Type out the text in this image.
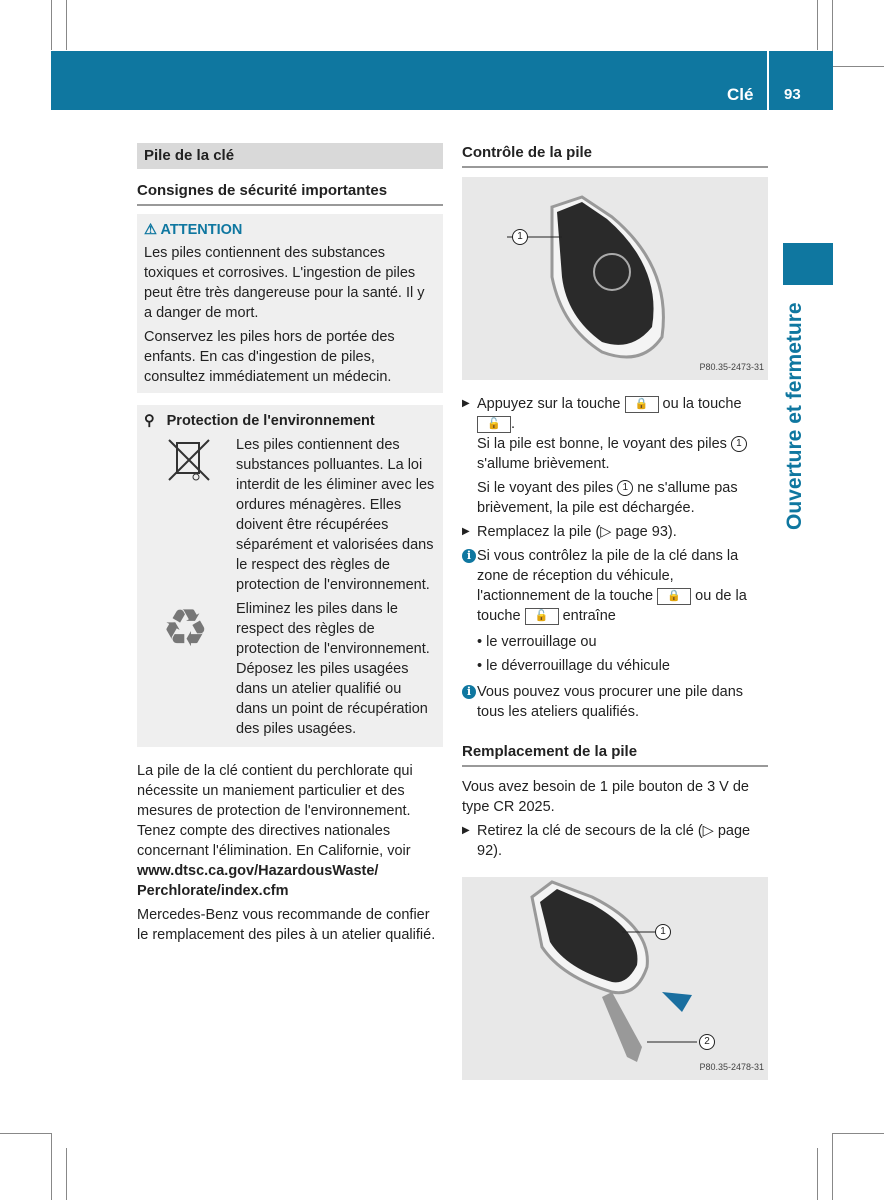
Clé 93
Ouverture et fermeture
Pile de la clé
Consignes de sécurité importantes
⚠ ATTENTION

Les piles contiennent des substances toxiques et corrosives. L'ingestion de piles peut être très dangereuse pour la santé. Il y a danger de mort.

Conservez les piles hors de portée des enfants. En cas d'ingestion de piles, consultez immédiatement un médecin.

⚲ Protection de l'environnement

Les piles contiennent des substances polluantes. La loi interdit de les éliminer avec les ordures ménagères. Elles doivent être récupérées séparément et valorisées dans le respect des règles de protection de l'environnement.

♻	Eliminez les piles dans le respect des règles de protection de l'environnement. Déposez les piles usagées dans un atelier qualifié ou dans un point de récupération des piles usagées.

La pile de la clé contient du perchlorate qui nécessite un maniement particulier et des mesures de protection de l'environnement. Tenez compte des directives nationales concernant l'élimination. En Californie, voir

www.dtsc.ca.gov/HazardousWaste/ Perchlorate/index.cfm

Mercedes-Benz vous recommande de confier le remplacement des piles à un atelier qualifié.

Contrôle de la pile
1
P80.35-2473-31
▶ Appuyez sur la touche 🔒 ou la touche 🔓 .
Si la pile est bonne, le voyant des piles 1 s'allume brièvement.

Si le voyant des piles 1 ne s'allume pas brièvement, la pile est déchargée.

▶ Remplacez la pile (▷ page 93).
i Si vous contrôlez la pile de la clé dans la zone de réception du véhicule, l'actionnement de la touche 🔒 ou de la touche 🔓 entraîne
• le verrouillage ou
• le déverrouillage du véhicule
i Vous pouvez vous procurer une pile dans tous les ateliers qualifiés.
Remplacement de la pile

Vous avez besoin de 1 pile bouton de 3 V de type CR 2025.

▶ Retirez la clé de secours de la clé (▷ page 92).
1
2
P80.35-2478-31
